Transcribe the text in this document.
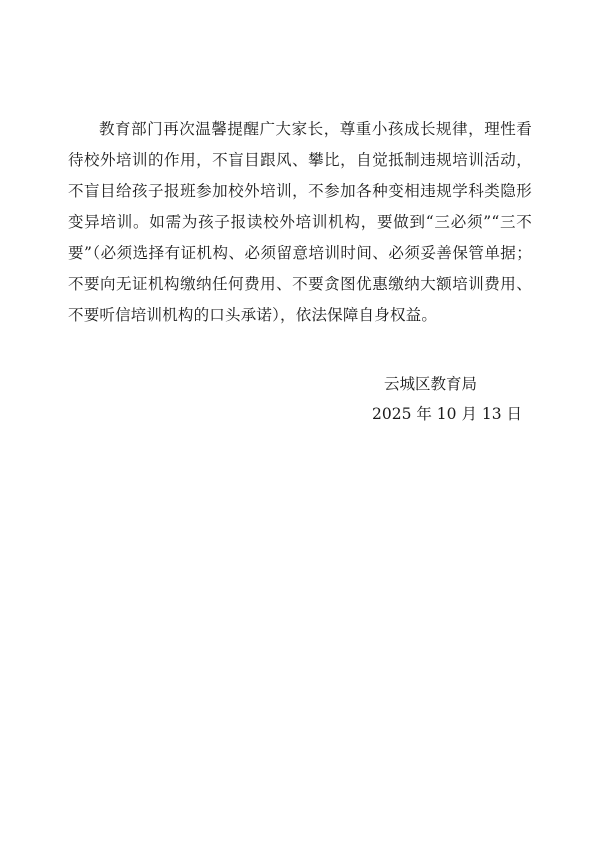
教育部门再次温馨提醒广大家长，尊重小孩成长规律，理性看待校外培训的作用，不盲目跟风、攀比，自觉抵制违规培训活动，不盲目给孩子报班参加校外培训，不参加各种变相违规学科类隐形变异培训。如需为孩子报读校外培训机构，要做到“三必须”“三不要”（必须选择有证机构、必须留意培训时间、必须妥善保管单据；不要向无证机构缴纳任何费用、不要贪图优惠缴纳大额培训费用、不要听信培训机构的口头承诺），依法保障自身权益。

云城区教育局

2025 年 10 月 13 日
